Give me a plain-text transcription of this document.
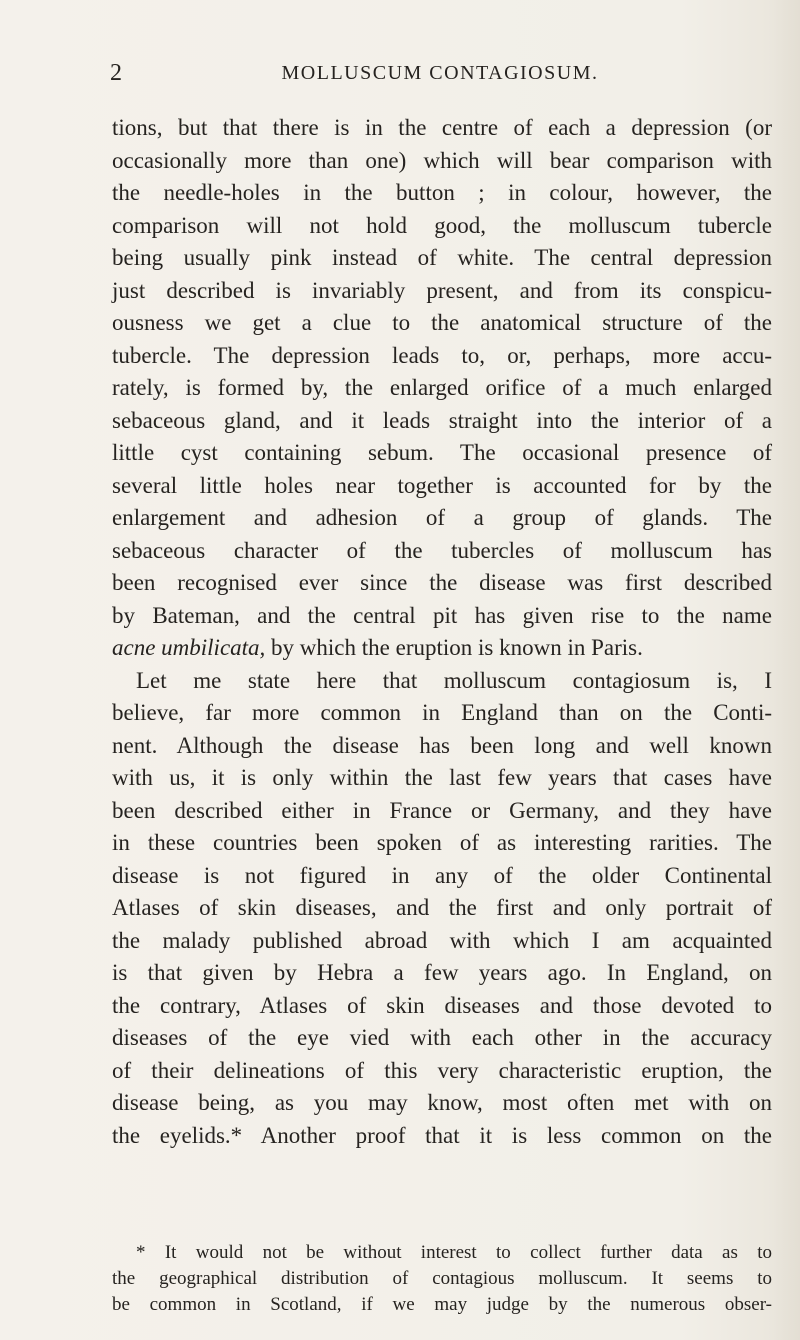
2	MOLLUSCUM CONTAGIOSUM.
tions, but that there is in the centre of each a depression (or
occasionally more than one) which will bear comparison with
the needle-holes in the button ; in colour, however, the
comparison will not hold good, the molluscum tubercle
being usually pink instead of white. The central depression
just described is invariably present, and from its conspicu-
ousness we get a clue to the anatomical structure of the
tubercle. The depression leads to, or, perhaps, more accu-
rately, is formed by, the enlarged orifice of a much enlarged
sebaceous gland, and it leads straight into the interior of a
little cyst containing sebum. The occasional presence of
several little holes near together is accounted for by the
enlargement and adhesion of a group of glands. The
sebaceous character of the tubercles of molluscum has
been recognised ever since the disease was first described
by Bateman, and the central pit has given rise to the name
acne umbilicata, by which the eruption is known in Paris.
Let me state here that molluscum contagiosum is, I
believe, far more common in England than on the Conti-
nent. Although the disease has been long and well known
with us, it is only within the last few years that cases have
been described either in France or Germany, and they have
in these countries been spoken of as interesting rarities. The
disease is not figured in any of the older Continental
Atlases of skin diseases, and the first and only portrait of
the malady published abroad with which I am acquainted
is that given by Hebra a few years ago. In England, on
the contrary, Atlases of skin diseases and those devoted to
diseases of the eye vied with each other in the accuracy
of their delineations of this very characteristic eruption, the
disease being, as you may know, most often met with on
the eyelids.* Another proof that it is less common on the
* It would not be without interest to collect further data as to
the geographical distribution of contagious molluscum. It seems to
be common in Scotland, if we may judge by the numerous obser-
